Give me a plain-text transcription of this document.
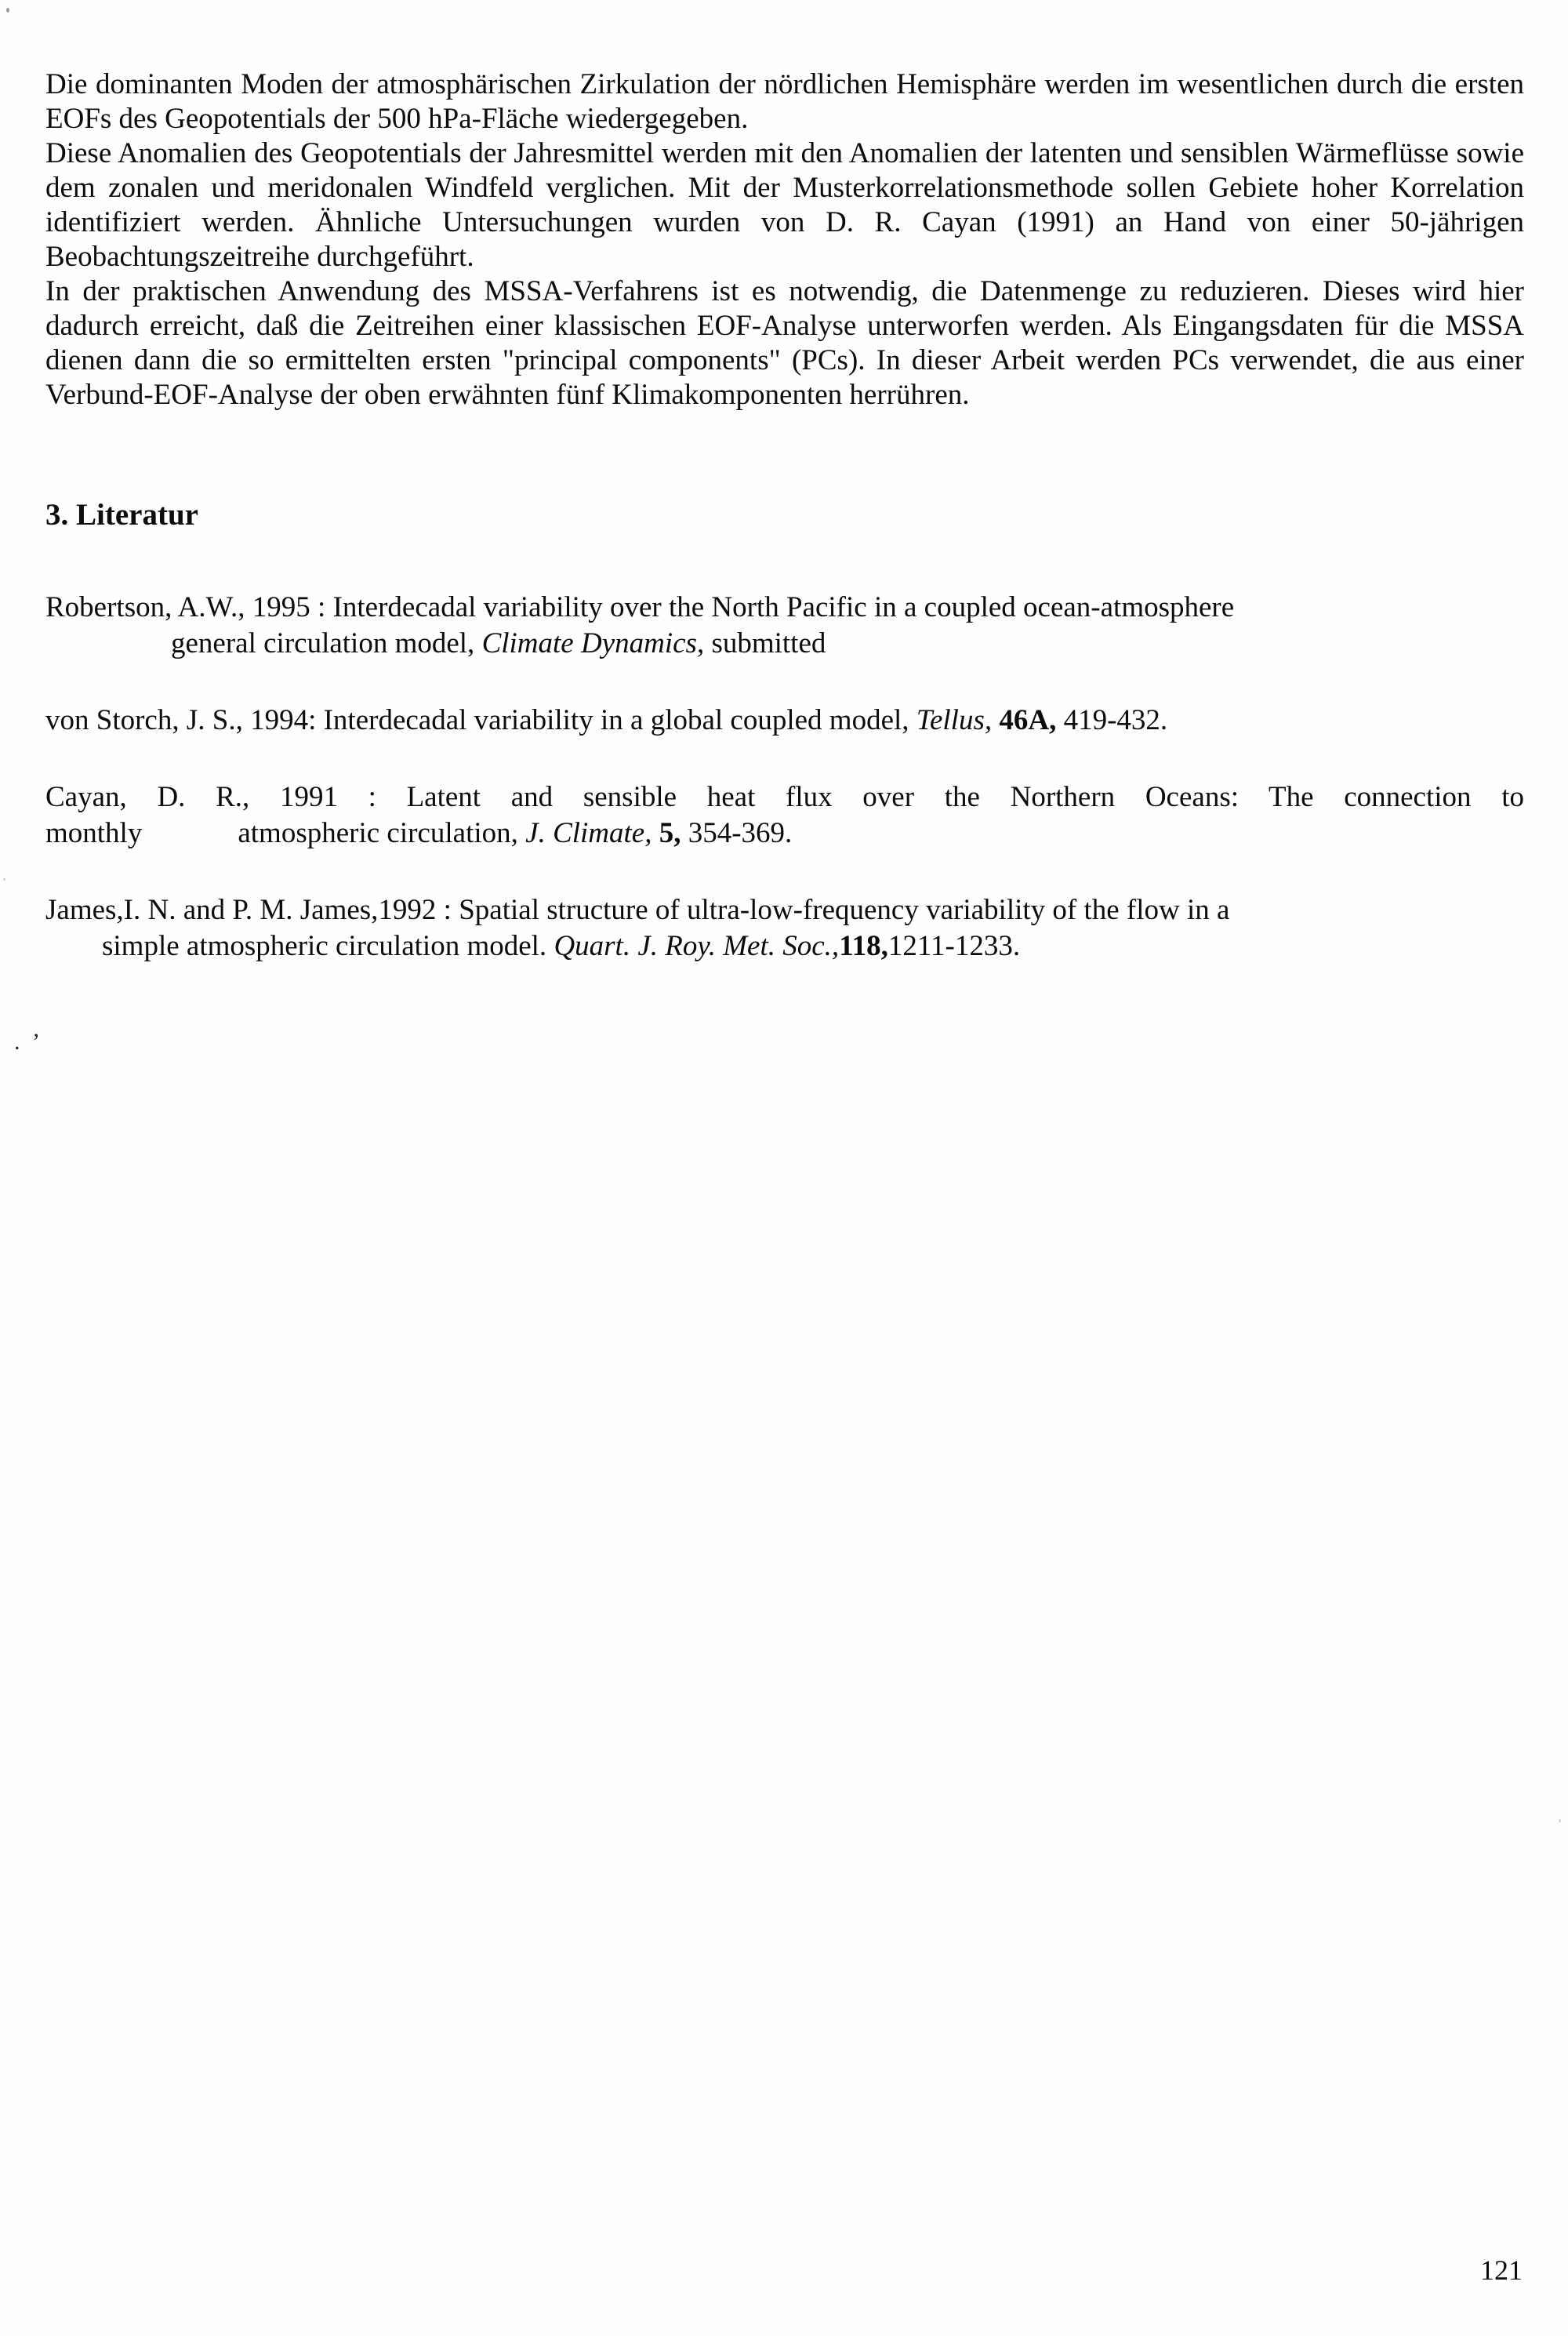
Die dominanten Moden der atmosphärischen Zirkulation der nördlichen Hemisphäre werden im wesentlichen durch die ersten EOFs des Geopotentials der 500 hPa-Fläche wiedergegeben.

Diese Anomalien des Geopotentials der Jahresmittel werden mit den Anomalien der latenten und sensiblen Wärmeflüsse sowie dem zonalen und meridonalen Windfeld verglichen. Mit der Musterkorrelationsmethode sollen Gebiete hoher Korrelation identifiziert werden. Ähnliche Untersuchungen wurden von D. R. Cayan (1991) an Hand von einer 50-jährigen Beobachtungszeitreihe durchgeführt.

In der praktischen Anwendung des MSSA-Verfahrens ist es notwendig, die Datenmenge zu reduzieren. Dieses wird hier dadurch erreicht, daß die Zeitreihen einer klassischen EOF-Analyse unterworfen werden. Als Eingangsdaten für die MSSA dienen dann die so ermittelten ersten "principal components" (PCs). In dieser Arbeit werden PCs verwendet, die aus einer Verbund-EOF-Analyse der oben erwähnten fünf Klimakomponenten herrühren.

3. Literatur
Robertson, A.W., 1995 : Interdecadal variability over the North Pacific in a coupled ocean-atmosphere
general circulation model, Climate Dynamics, submitted
von Storch, J. S., 1994: Interdecadal variability in a global coupled model, Tellus, 46A, 419-432.
Cayan, D. R., 1991 : Latent and sensible heat flux over the Northern Oceans: The connection to
monthly	atmospheric circulation, J. Climate, 5, 354-369.
James,I. N. and P. M. James,1992 : Spatial structure of ultra-low-frequency variability of the flow in a
simple atmospheric circulation model. Quart. J. Roy. Met. Soc.,118,1211-1233.
. ’
121
